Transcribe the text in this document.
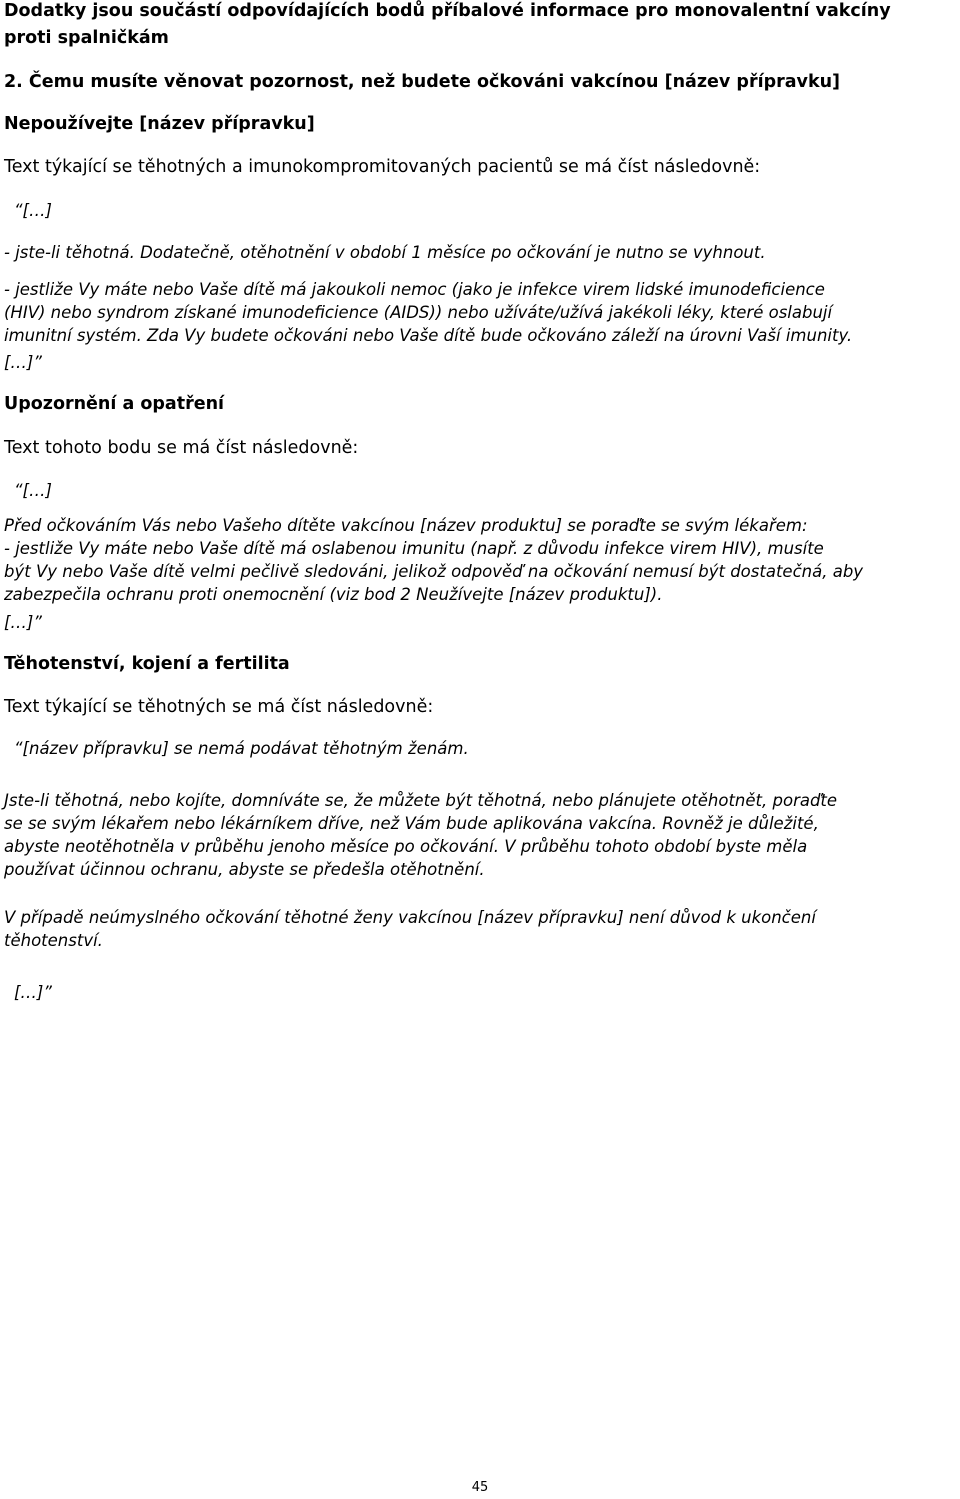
Dodatky jsou součástí odpovídajících bodů příbalové informace pro monovalentní vakcíny
proti spalničkám
2. Čemu musíte věnovat pozornost, než budete očkováni vakcínou [název přípravku]
Nepoužívejte [název přípravku]
Text týkající se těhotných a imunokompromitovaných pacientů se má číst následovně:
“[…]
- jste-li těhotná. Dodatečně, otěhotnění v období 1 měsíce po očkování je nutno se vyhnout.
- jestliže Vy máte nebo Vaše dítě má jakoukoli nemoc (jako je infekce virem lidské imunodeficience
(HIV) nebo syndrom získané imunodeficience (AIDS)) nebo užíváte/užívá jakékoli léky, které oslabují
imunitní systém. Zda Vy budete očkováni nebo Vaše dítě bude očkováno záleží na úrovni Vaší imunity.
[…]”
Upozornění a opatření
Text tohoto bodu se má číst následovně:
“[…]
Před očkováním Vás nebo Vašeho dítěte vakcínou [název produktu] se poraďte se svým lékařem:
- jestliže Vy máte nebo Vaše dítě má oslabenou imunitu (např. z důvodu infekce virem HIV), musíte
být Vy nebo Vaše dítě velmi pečlivě sledováni, jelikož odpověď na očkování nemusí být dostatečná, aby
zabezpečila ochranu proti onemocnění (viz bod 2 Neužívejte [název produktu]).
[…]”
Těhotenství, kojení a fertilita
Text týkající se těhotných se má číst následovně:
“[název přípravku] se nemá podávat těhotným ženám.
Jste-li těhotná, nebo kojíte, domníváte se, že můžete být těhotná, nebo plánujete otěhotnět, poraďte
se se svým lékařem nebo lékárníkem dříve, než Vám bude aplikována vakcína. Rovněž je důležité,
abyste neotěhotněla v průběhu jenoho měsíce po očkování. V průběhu tohoto období byste měla
používat účinnou ochranu, abyste se předešla otěhotnění.
V případě neúmyslného očkování těhotné ženy vakcínou [název přípravku] není důvod k ukončení
těhotenství.
[…]”
45
